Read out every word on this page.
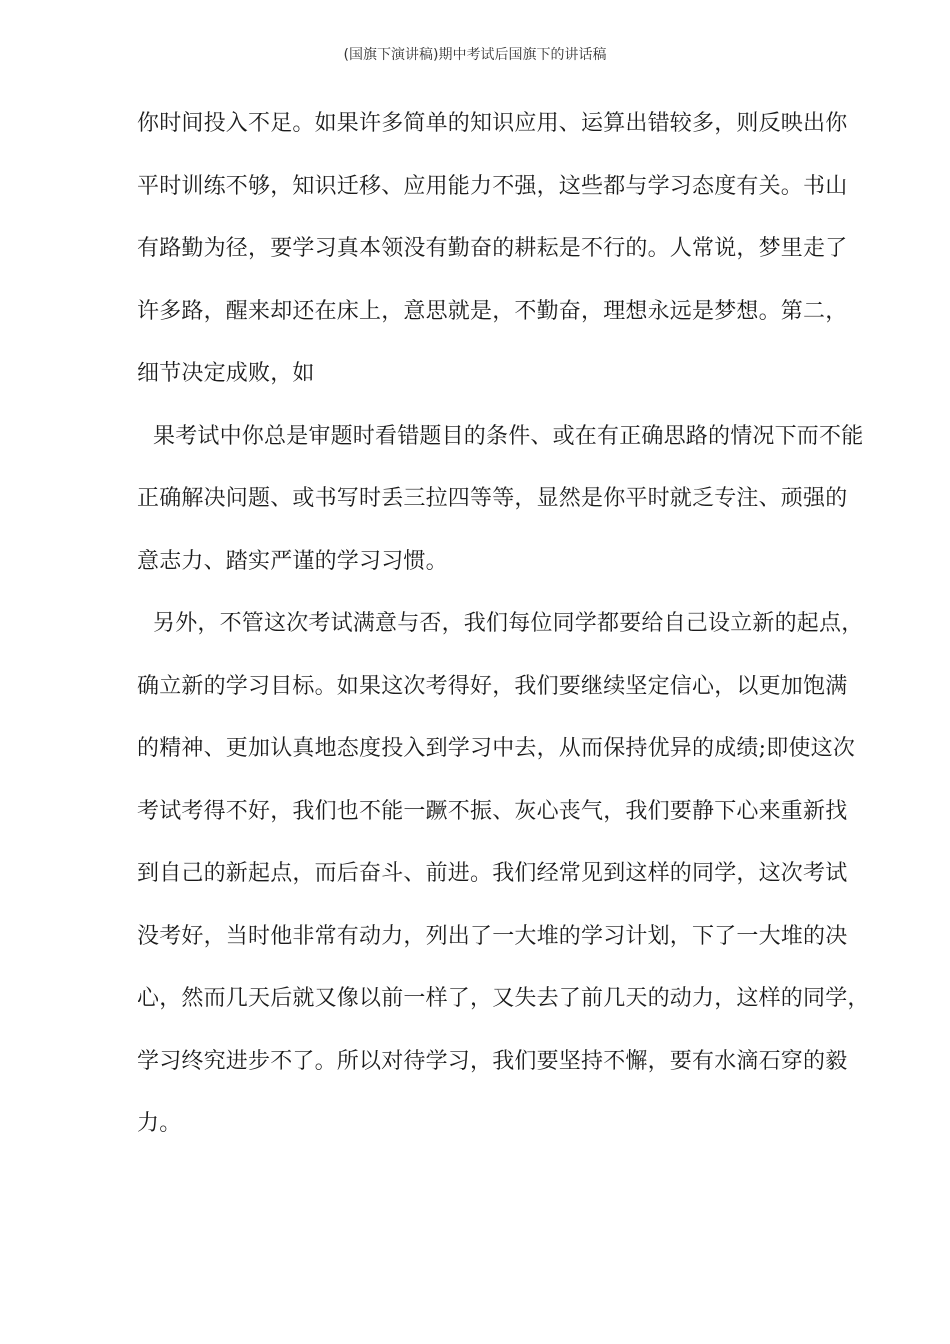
(国旗下演讲稿)期中考试后国旗下的讲话稿
你时间投入不足。如果许多简单的知识应用、运算出错较多，则反映出你
平时训练不够，知识迁移、应用能力不强，这些都与学习态度有关。书山
有路勤为径，要学习真本领没有勤奋的耕耘是不行的。人常说，梦里走了
许多路，醒来却还在床上，意思就是，不勤奋，理想永远是梦想。第二，
细节决定成败，如
果考试中你总是审题时看错题目的条件、或在有正确思路的情况下而不能
正确解决问题、或书写时丢三拉四等等，显然是你平时就乏专注、顽强的
意志力、踏实严谨的学习习惯。
另外，不管这次考试满意与否，我们每位同学都要给自己设立新的起点，
确立新的学习目标。如果这次考得好，我们要继续坚定信心，以更加饱满
的精神、更加认真地态度投入到学习中去，从而保持优异的成绩;即使这次
考试考得不好，我们也不能一蹶不振、灰心丧气，我们要静下心来重新找
到自己的新起点，而后奋斗、前进。我们经常见到这样的同学，这次考试
没考好，当时他非常有动力，列出了一大堆的学习计划，下了一大堆的决
心，然而几天后就又像以前一样了，又失去了前几天的动力，这样的同学，
学习终究进步不了。所以对待学习，我们要坚持不懈，要有水滴石穿的毅
力。
